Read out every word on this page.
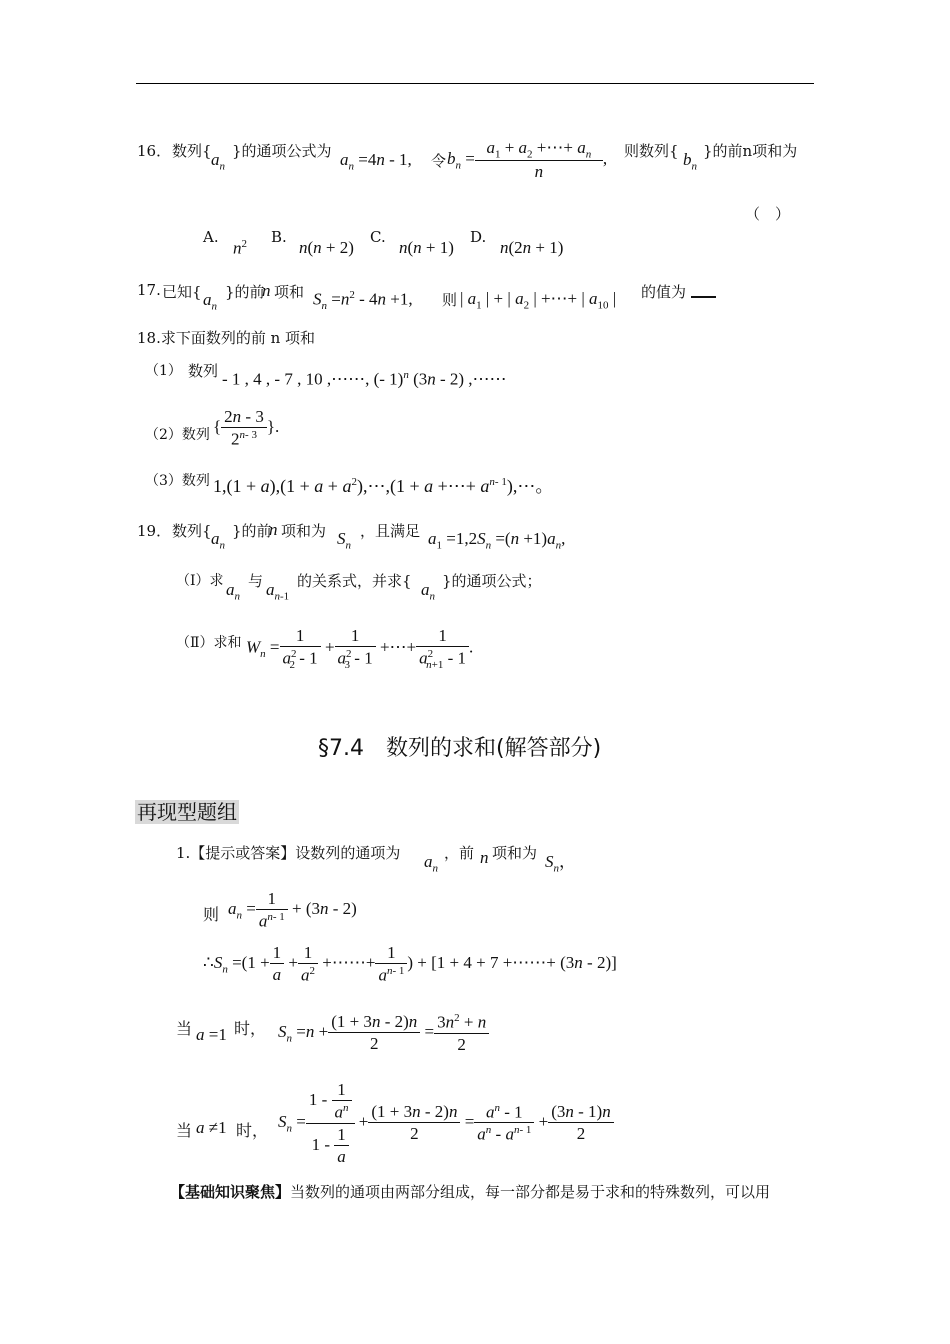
16． 数列{ $a_n$
}的通项公式为 $a_n =4n - 1$, 令 $b_n = \frac{a_1 + a_2 +\cdots+ a_n}{n}$ , 则数列{ $b_n$
}的前n项和为
（　）
A.
$n^2$ B.
n(n + 2)
C.
n(n + 1)
D.
n(2n + 1)
17. 已知{ $a_n$
}的前
n 项和 $S_n =n^2 - 4n +1$, 则 | $a_1$ | + | $a_2$ | +⋯+ | $a_{10}$ | 的值为
18.求下面数列的前 n 项和
（1） 数列 - 1 , 4 , - 7 , 10 ,⋯⋯, (- 1)$^n$ (3n - 2) ,⋯⋯
（2）数列 { $\frac{2n - 3}{2^{n- 3}}$ }.
（3）数列 $1,(1 + a),(1 + a + a^2),\cdots,(1 + a$ +⋯+ $a^{n- 1}),\cdots$。
19． 数列{ $a_n$
}的前
n 项和为 $S_n$
，且满足 $a_1 =1,2S_n =(n +1)a_n$,
（Ⅰ）求 $a_n$
与 $a_{n-1}$
的关系式，并求{ $a_n$
}的通项公式；
（Ⅱ）求和 $W_n = \frac{1}{a^2_2 - 1} + \frac{1}{a^2_3 - 1}$ +⋯+ $\frac{1}{a^2_{n+1} - 1}$ .
§7.4　数列的求和(解答部分)
再现型题组
1.【提示或答案】设数列的通项为 $a_n$
，前 n 项和为 $S_n$，
则 $a_n = \frac{1}{a^{n- 1}} + (3n - 2)$
$\therefore S_n =(1 + \frac{1}{a} + \frac{1}{a^2}$ +⋯⋯+ $\frac{1}{a^{n- 1}}$ ) + [1 + 4 + 7 +⋯⋯+ (3n - 2)]
当 a =1 时， $S_n =n + \frac{(1 + 3n - 2)n}{2} = \frac{3n^2 + n}{2}$
当 a ≠1 时， $S_n = \frac{1 - \frac{1}{a^n}}{1 - \frac{1}{a}} + \frac{(1 + 3n - 2)n}{2} = \frac{a^n - 1}{a^n - a^{n- 1}} + \frac{(3n - 1)n}{2}$
【基础知识聚焦】当数列的通项由两部分组成，每一部分都是易于求和的特殊数列，可以用
